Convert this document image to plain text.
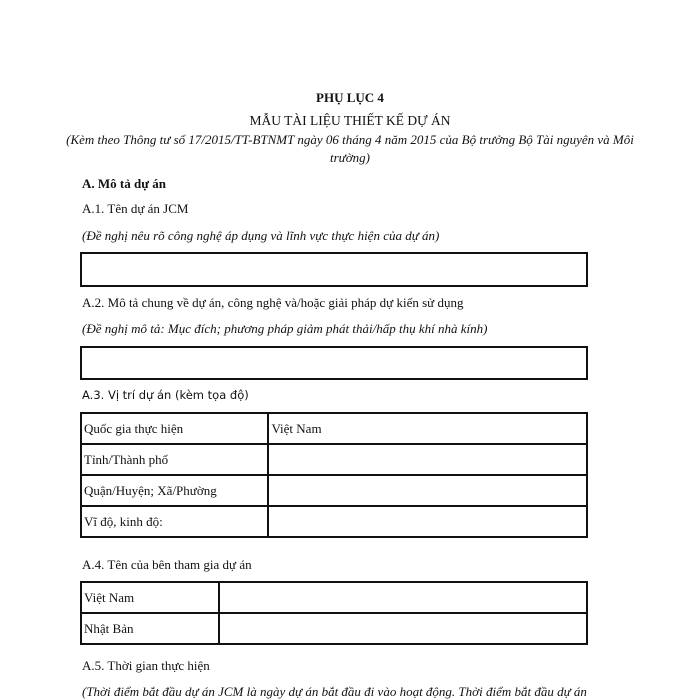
PHỤ LỤC 4
MẪU TÀI LIỆU THIẾT KẾ DỰ ÁN
(Kèm theo Thông tư số 17/2015/TT-BTNMT ngày 06 tháng 4 năm 2015 của Bộ trưởng Bộ Tài nguyên và Môi trường)
A. Mô tả dự án
A.1. Tên dự án JCM
(Đề nghị nêu rõ công nghệ áp dụng và lĩnh vực thực hiện của dự án)
A.2. Mô tả chung về dự án, công nghệ và/hoặc giải pháp dự kiến sử dụng
(Đề nghị mô tả: Mục đích; phương pháp giảm phát thải/hấp thụ khí nhà kính)
A.3. Vị trí dự án (kèm tọa độ)
Quốc gia thực hiện	Việt Nam
Tỉnh/Thành phố	
Quận/Huyện; Xã/Phường	
Vĩ độ, kinh độ:	
A.4. Tên của bên tham gia dự án
Việt Nam	
Nhật Bản	
A.5. Thời gian thực hiện
(Thời điểm bắt đầu dự án JCM là ngày dự án bắt đầu đi vào hoạt động. Thời điểm bắt đầu dự án
